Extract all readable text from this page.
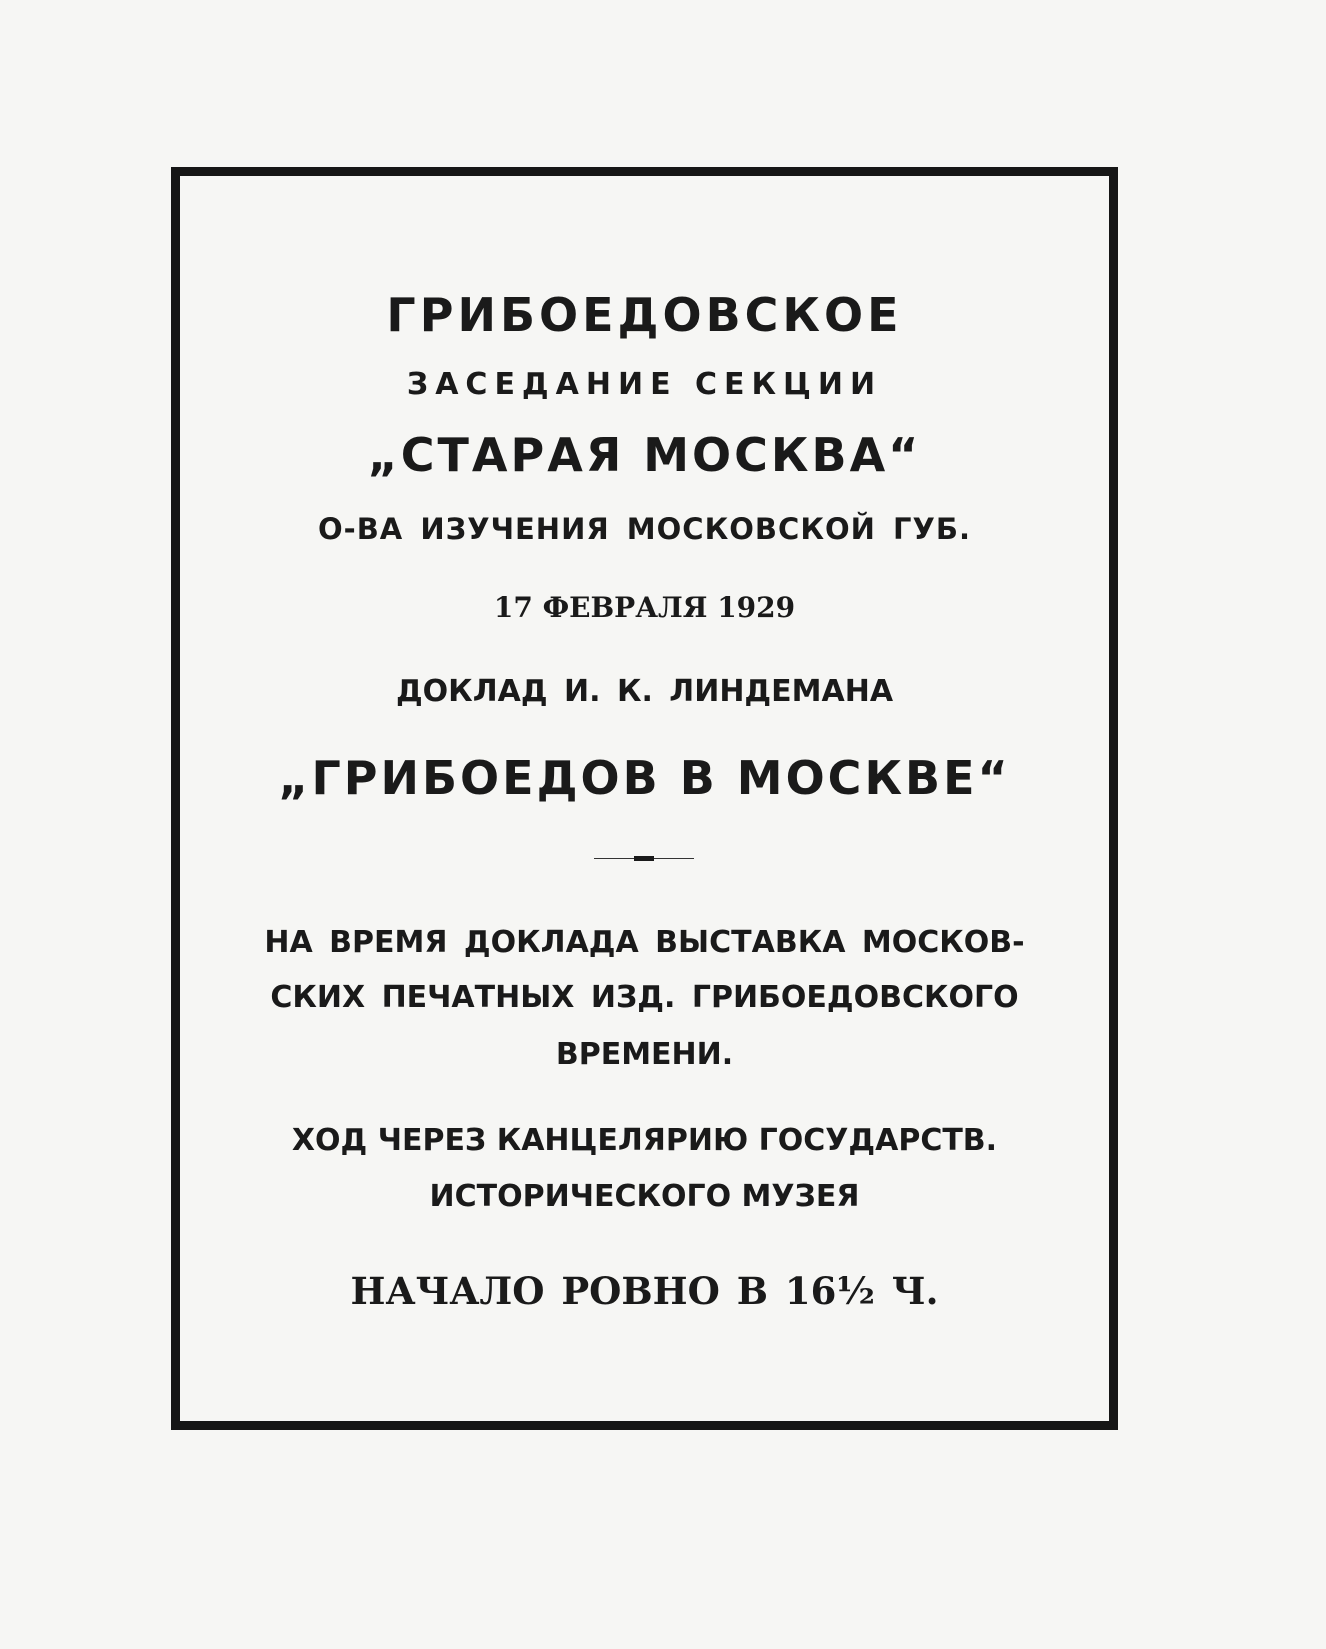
ГРИБОЕДОВСКОЕ
ЗАСЕДАНИЕ СЕКЦИИ
„СТАРАЯ МОСКВА“
О-ВА ИЗУЧЕНИЯ МОСКОВСКОЙ ГУБ.
17 ФЕВРАЛЯ 1929
ДОКЛАД И. К. ЛИНДЕМАНА
„ГРИБОЕДОВ В МОСКВЕ“
НА ВРЕМЯ ДОКЛАДА ВЫСТАВКА МОСКОВ-
СКИХ ПЕЧАТНЫХ ИЗД. ГРИБОЕДОВСКОГО
ВРЕМЕНИ.
ХОД ЧЕРЕЗ КАНЦЕЛЯРИЮ ГОСУДАРСТВ.
ИСТОРИЧЕСКОГО МУЗЕЯ
НАЧАЛО РОВНО В 16½ Ч.
